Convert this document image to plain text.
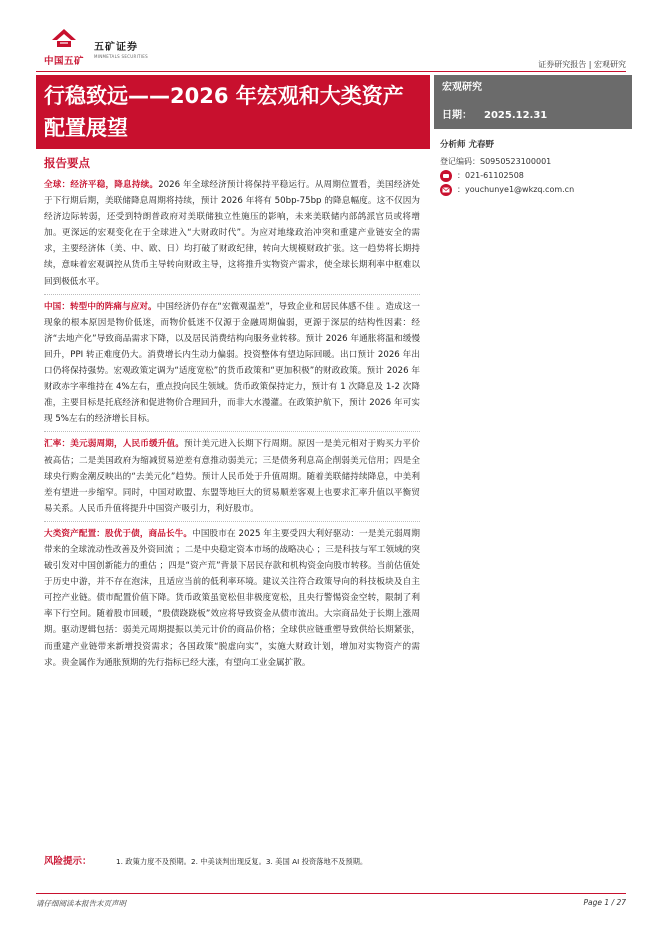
中国五矿
五矿证券
MINMETALS SECURITIES
证券研究报告 | 宏观研究
行稳致远——2026 年宏观和大类资产
配置展望
宏观研究
日期： 2025.12.31
分析师 尤春野
登记编码：S0950523100001
： 021-61102508
： youchunye1@wkzq.com.cn
报告要点

全球：经济平稳，降息持续。2026 年全球经济预计将保持平稳运行。从周期位置看，美国经济处于下行期后期，美联储降息周期将持续，预计 2026 年将有 50bp-75bp 的降息幅度。这不仅因为经济边际转弱，还受到特朗普政府对美联储独立性施压的影响，未来美联储内部鸽派官员或将增加。更深远的宏观变化在于全球进入“大财政时代”。为应对地缘政治冲突和重建产业链安全的需求，主要经济体（美、中、欧、日）均打破了财政纪律，转向大规模财政扩张。这一趋势将长期持续，意味着宏观调控从货币主导转向财政主导，这将推升实物资产需求，使全球长期利率中枢难以回到极低水平。

中国：转型中的阵痛与应对。中国经济仍存在“宏微观温差”，导致企业和居民体感不佳 。造成这一现象的根本原因是物价低迷，而物价低迷不仅源于金融周期偏弱，更源于深层的结构性因素：经济“去地产化”导致商品需求下降，以及居民消费结构向服务业转移。预计 2026 年通胀将温和缓慢回升，PPI 转正难度仍大。消费增长内生动力偏弱。投资整体有望边际回暖。出口预计 2026 年出口仍将保持强势。宏观政策定调为“适度宽松”的货币政策和“更加积极”的财政政策。预计 2026 年财政赤字率维持在 4%左右，重点投向民生领域。货币政策保持定力，预计有 1 次降息及 1-2 次降准，主要目标是托底经济和促进物价合理回升，而非大水漫灌。在政策护航下，预计 2026 年可实现 5%左右的经济增长目标。

汇率：美元弱周期，人民币缓升值。预计美元进入长期下行周期。原因一是美元相对于购买力平价被高估；二是美国政府为缩减贸易逆差有意推动弱美元；三是债务利息高企削弱美元信用；四是全球央行购金潮反映出的“去美元化”趋势。预计人民币处于升值周期。随着美联储持续降息，中美利差有望进一步缩窄。同时，中国对欧盟、东盟等地巨大的贸易顺差客观上也要求汇率升值以平衡贸易关系。人民币升值将提升中国资产吸引力，利好股市。

大类资产配置：股优于债，商品长牛。中国股市在 2025 年主要受四大利好驱动：一是美元弱周期带来的全球流动性改善及外资回流 ；二是中央稳定资本市场的战略决心 ；三是科技与军工领域的突破引发对中国创新能力的重估 ；四是“资产荒”背景下居民存款和机构资金向股市转移。当前估值处于历史中游，并不存在泡沫，且适应当前的低利率环境。建议关注符合政策导向的科技板块及自主可控产业链。债市配置价值下降。货币政策虽宽松但非极度宽松，且央行警惕资金空转，限制了利率下行空间。随着股市回暖，“股债跷跷板”效应将导致资金从债市流出。大宗商品处于长期上涨周期。驱动逻辑包括：弱美元周期提振以美元计价的商品价格；全球供应链重塑导致供给长期紧张，而重建产业链带来新增投资需求；各国政策“脱虚向实”，实施大财政计划，增加对实物资产的需求。贵金属作为通胀预期的先行指标已经大涨，有望向工业金属扩散。

风险提示：	1. 政策力度不及预期。2. 中美谈判出现反复。3. 美国 AI 投资落地不及预期。
请仔细阅读本报告末页声明	Page 1 / 27
